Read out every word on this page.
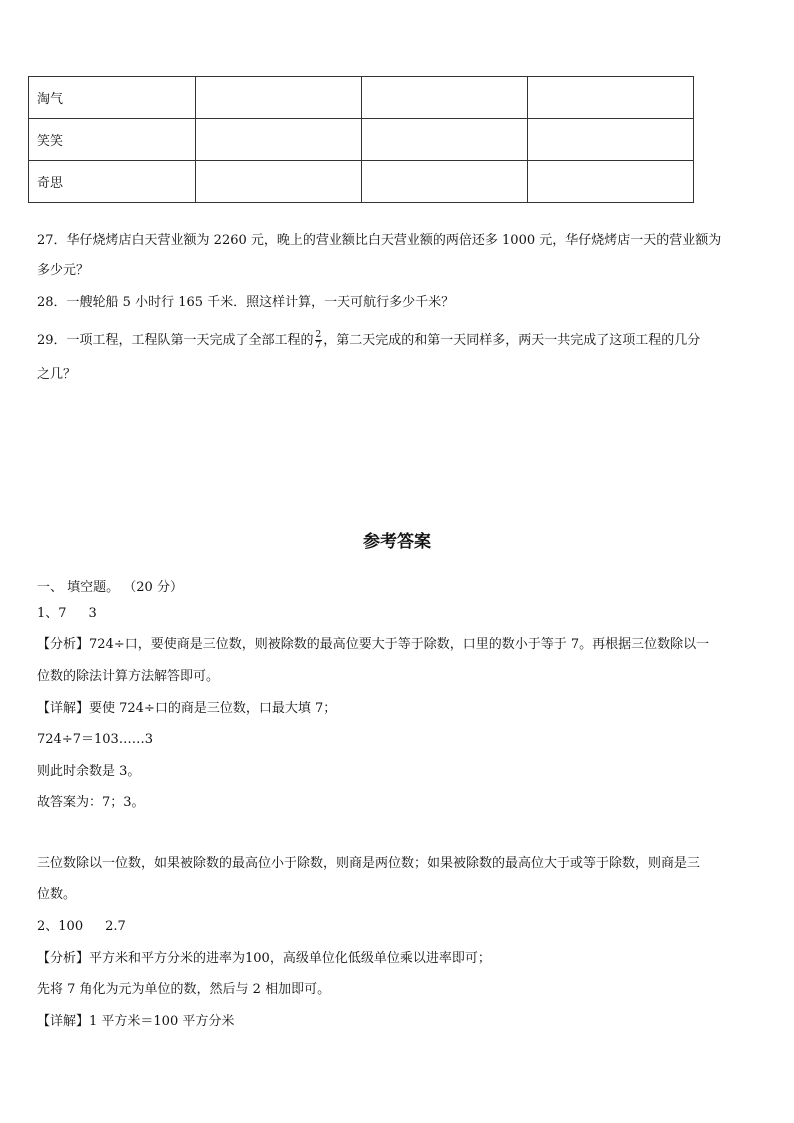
淘气			
笑笑			
奇思			
27．华仔烧烤店白天营业额为 2260 元，晚上的营业额比白天营业额的两倍还多 1000 元，华仔烧烤店一天的营业额为
多少元？
28．一艘轮船 5 小时行 165 千米．照这样计算，一天可航行多少千米？
29．一项工程，工程队第一天完成了全部工程的 $\frac{2}{7}$ ，第二天完成的和第一天同样多，两天一共完成了这项工程的几分
之几？
参考答案
一、 填空题。 （20 分）
1、7 3
【分析】724÷口，要使商是三位数，则被除数的最高位要大于等于除数，口里的数小于等于 7。再根据三位数除以一
位数的除法计算方法解答即可。
【详解】要使 724÷口的商是三位数，口最大填 7；
724÷7＝103……3
则此时余数是 3。
故答案为：7；3。
三位数除以一位数，如果被除数的最高位小于除数，则商是两位数；如果被除数的最高位大于或等于除数，则商是三
位数。
2、100 2.7
【分析】平方米和平方分米的进率为100，高级单位化低级单位乘以进率即可；
先将 7 角化为元为单位的数，然后与 2 相加即可。
【详解】1 平方米＝100 平方分米
